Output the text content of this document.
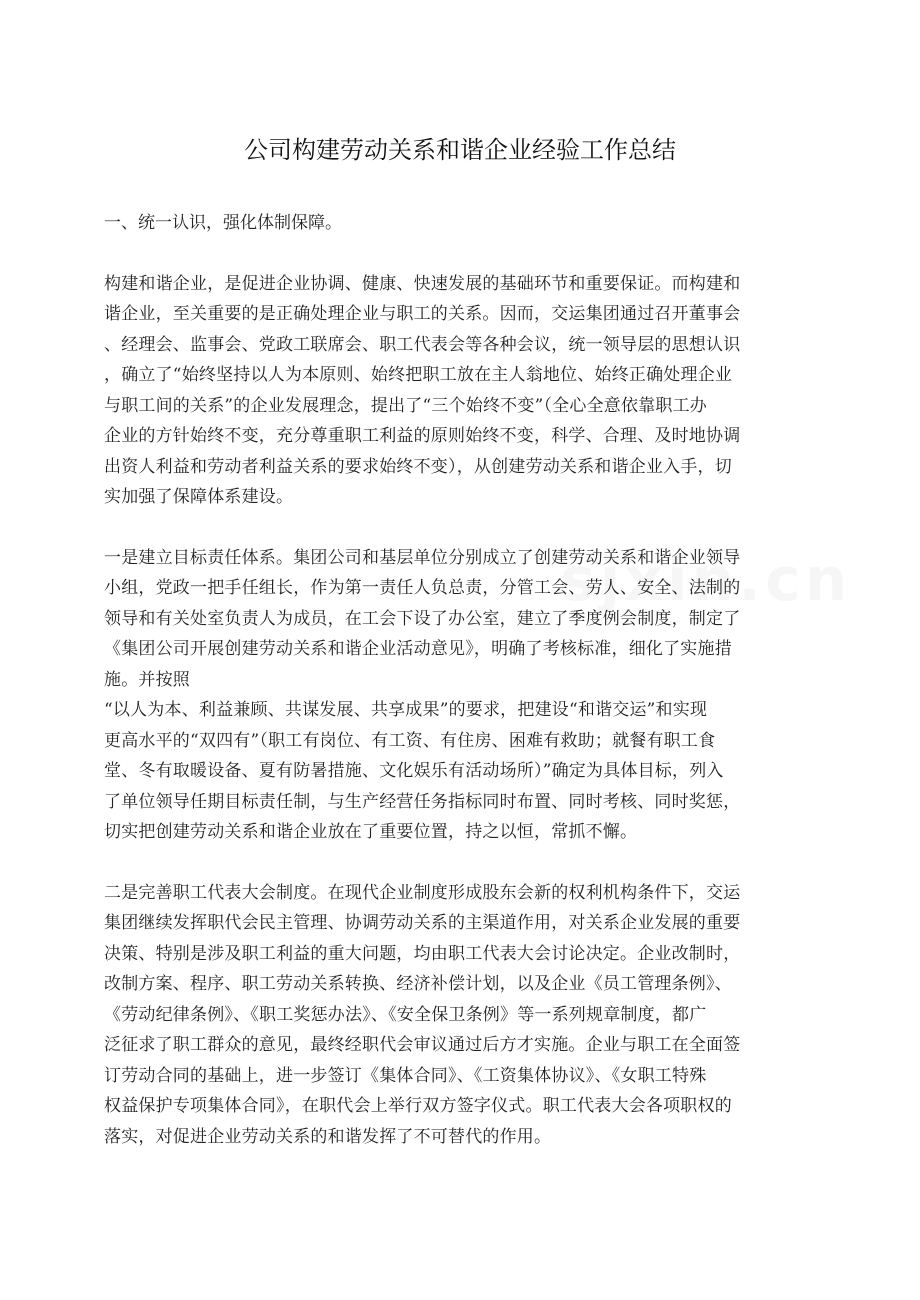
公司构建劳动关系和谐企业经验工作总结

一、统一认识，强化体制保障。

构建和谐企业，是促进企业协调、健康、快速发展的基础环节和重要保证。而构建和
谐企业，至关重要的是正确处理企业与职工的关系。因而，交运集团通过召开董事会
、经理会、监事会、党政工联席会、职工代表会等各种会议，统一领导层的思想认识
，确立了“始终坚持以人为本原则、始终把职工放在主人翁地位、始终正确处理企业
与职工间的关系”的企业发展理念，提出了“三个始终不变”（全心全意依靠职工办
企业的方针始终不变，充分尊重职工利益的原则始终不变，科学、合理、及时地协调
出资人利益和劳动者利益关系的要求始终不变），从创建劳动关系和谐企业入手，切
实加强了保障体系建设。

一是建立目标责任体系。集团公司和基层单位分别成立了创建劳动关系和谐企业领导
小组，党政一把手任组长，作为第一责任人负总责，分管工会、劳人、安全、法制的
领导和有关处室负责人为成员，在工会下设了办公室，建立了季度例会制度，制定了
《集团公司开展创建劳动关系和谐企业活动意见》，明确了考核标准，细化了实施措
施。并按照
“以人为本、利益兼顾、共谋发展、共享成果”的要求，把建设“和谐交运”和实现
更高水平的“双四有”（职工有岗位、有工资、有住房、困难有救助；就餐有职工食
堂、冬有取暖设备、夏有防暑措施、文化娱乐有活动场所）”确定为具体目标，列入
了单位领导任期目标责任制，与生产经营任务指标同时布置、同时考核、同时奖惩，
切实把创建劳动关系和谐企业放在了重要位置，持之以恒，常抓不懈。

二是完善职工代表大会制度。在现代企业制度形成股东会新的权利机构条件下，交运
集团继续发挥职代会民主管理、协调劳动关系的主渠道作用，对关系企业发展的重要
决策、特别是涉及职工利益的重大问题，均由职工代表大会讨论决定。企业改制时，
改制方案、程序、职工劳动关系转换、经济补偿计划，以及企业《员工管理条例》、
《劳动纪律条例》、《职工奖惩办法》、《安全保卫条例》等一系列规章制度，都广
泛征求了职工群众的意见，最终经职代会审议通过后方才实施。企业与职工在全面签
订劳动合同的基础上，进一步签订《集体合同》、《工资集体协议》、《女职工特殊
权益保护专项集体合同》，在职代会上举行双方签字仪式。职工代表大会各项职权的
落实，对促进企业劳动关系的和谐发挥了不可替代的作用。
